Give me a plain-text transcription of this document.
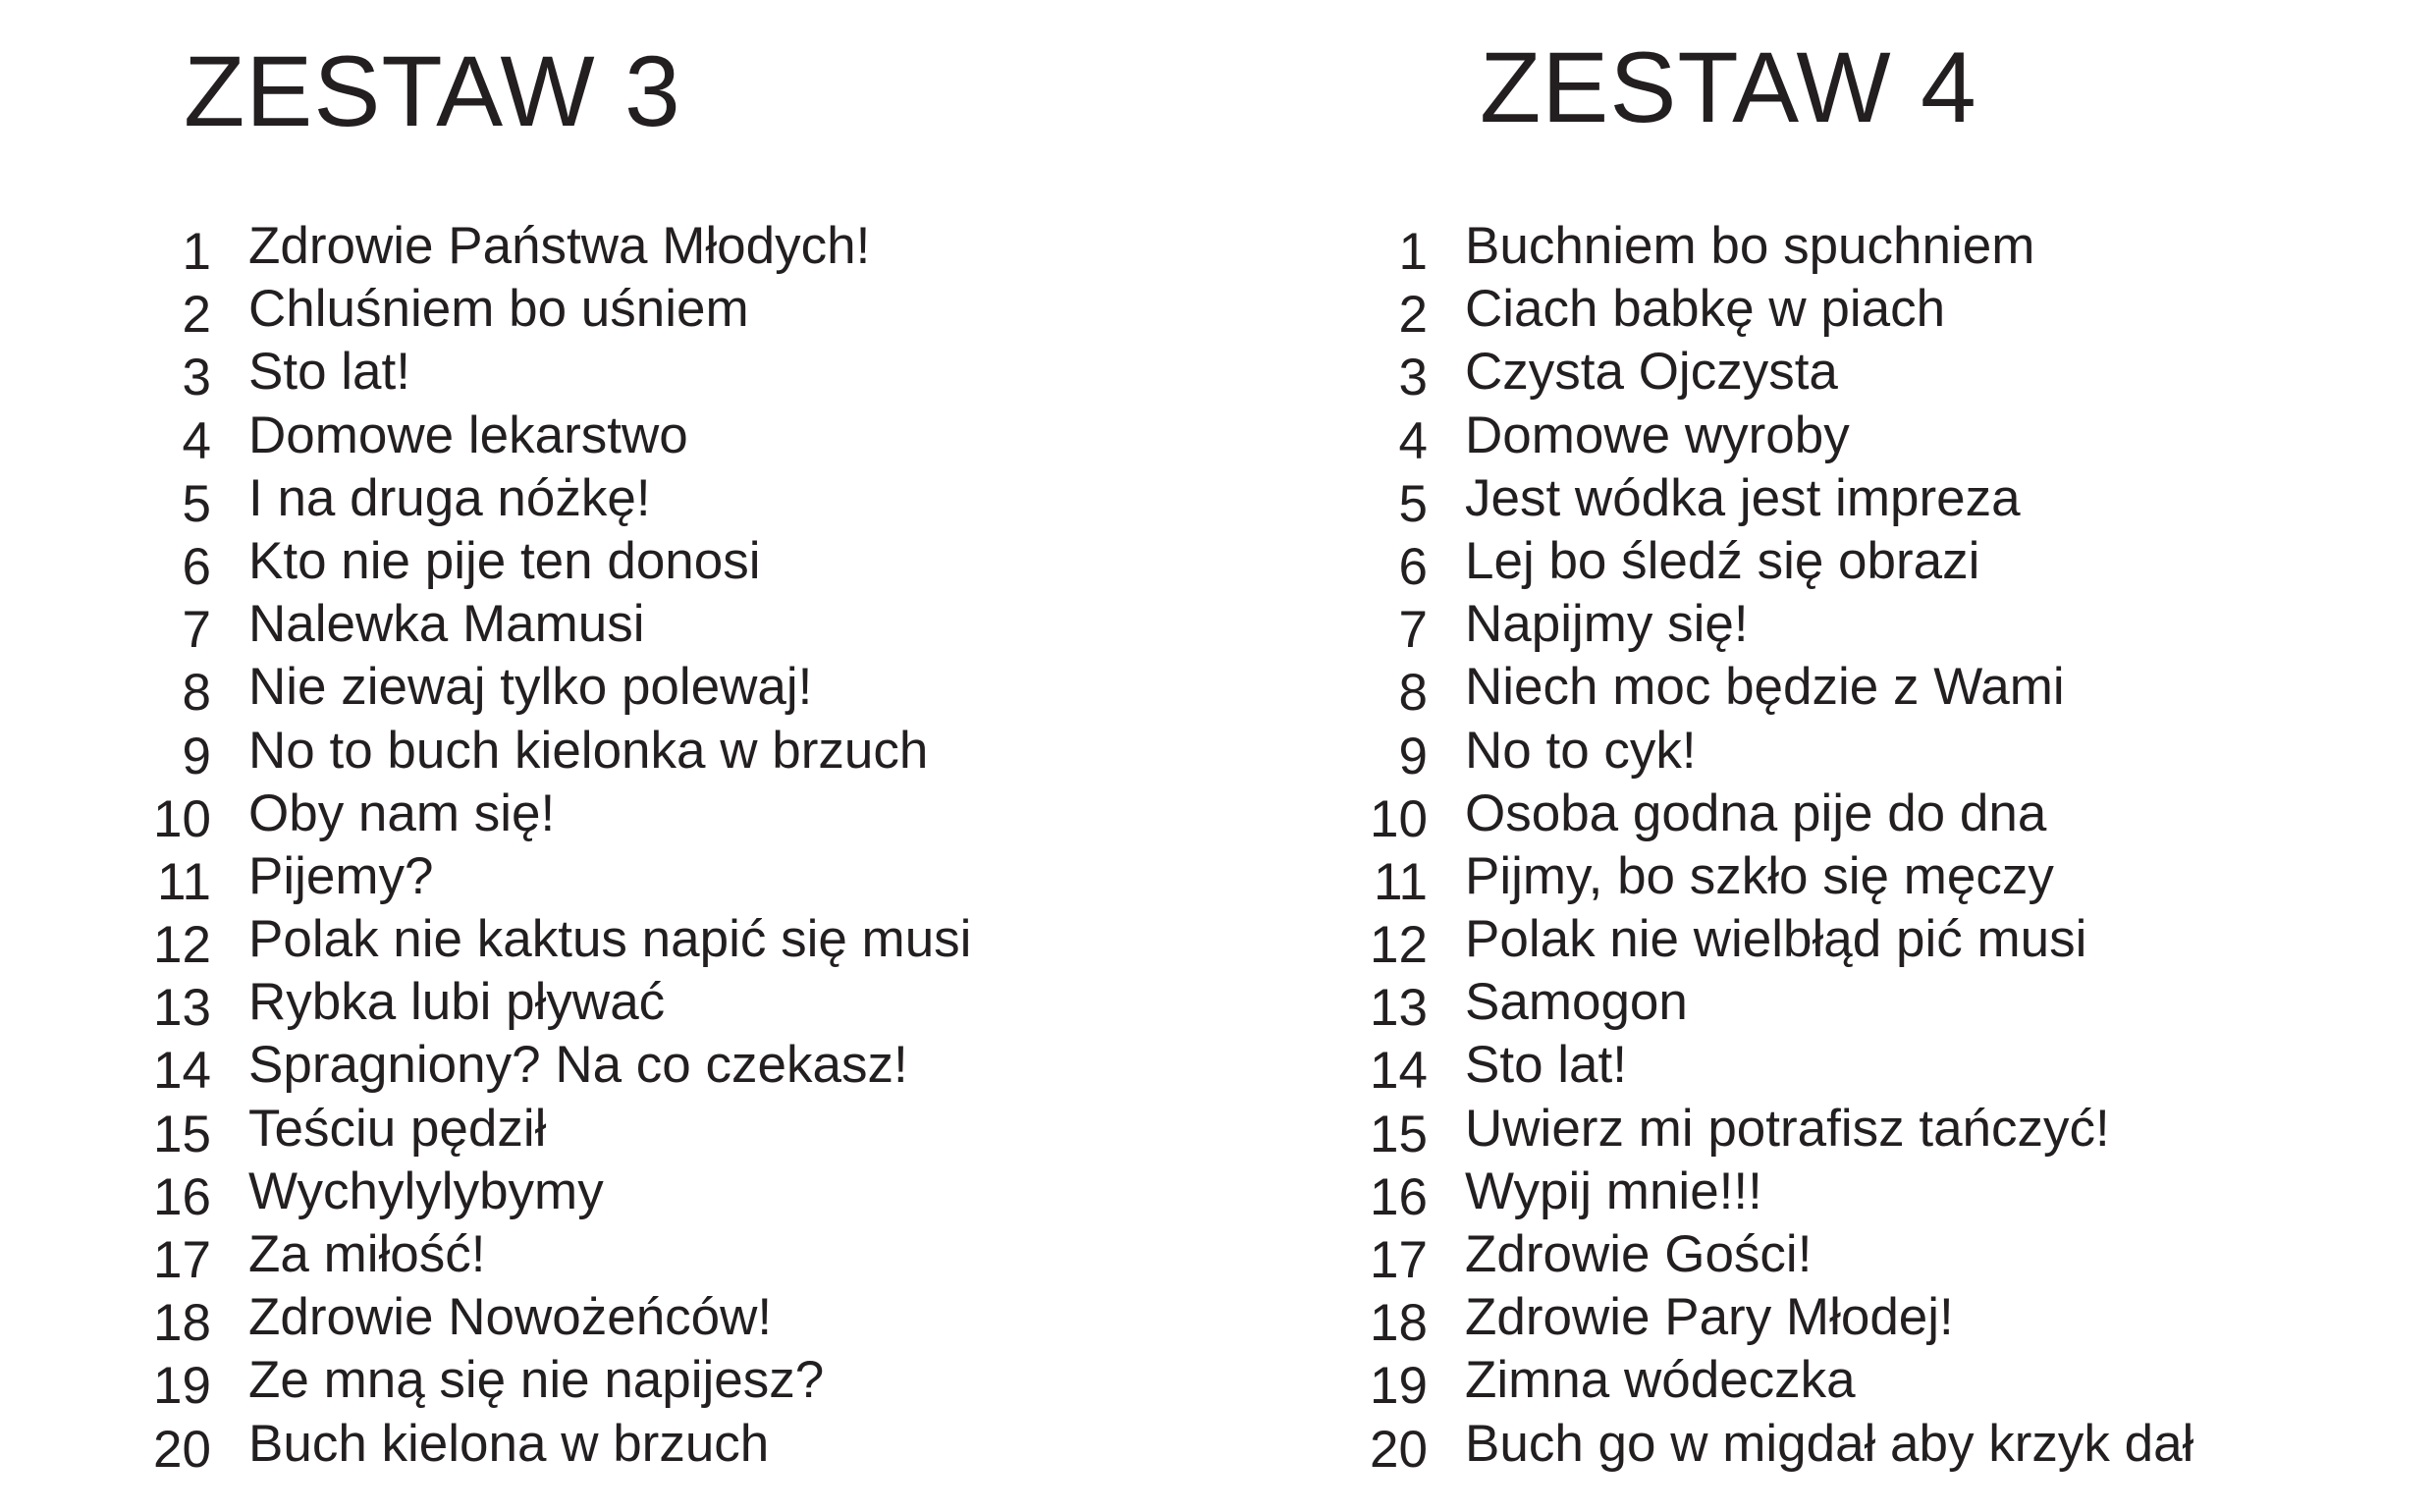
ZESTAW 3
1 Zdrowie Państwa Młodych!
2 Chluśniem bo uśniem
3 Sto lat!
4 Domowe lekarstwo
5 I na druga nóżkę!
6 Kto nie pije ten donosi
7 Nalewka Mamusi
8 Nie ziewaj tylko polewaj!
9 No to buch kielonka w brzuch
10 Oby nam się!
11 Pijemy?
12 Polak nie kaktus napić się musi
13 Rybka lubi pływać
14 Spragniony? Na co czekasz!
15 Teściu pędził
16 Wychylylybymy
17 Za miłość!
18 Zdrowie Nowożeńców!
19 Ze mną się nie napijesz?
20 Buch kielona w brzuch
ZESTAW 4
1 Buchniem bo spuchniem
2 Ciach babkę w piach
3 Czysta Ojczysta
4 Domowe wyroby
5 Jest wódka jest impreza
6 Lej bo śledź się obrazi
7 Napijmy się!
8 Niech moc będzie z Wami
9 No to cyk!
10 Osoba godna pije do dna
11 Pijmy, bo szkło się męczy
12 Polak nie wielbłąd pić musi
13 Samogon
14 Sto lat!
15 Uwierz mi potrafisz tańczyć!
16 Wypij mnie!!!
17 Zdrowie Gości!
18 Zdrowie Pary Młodej!
19 Zimna wódeczka
20 Buch go w migdał aby krzyk dał
